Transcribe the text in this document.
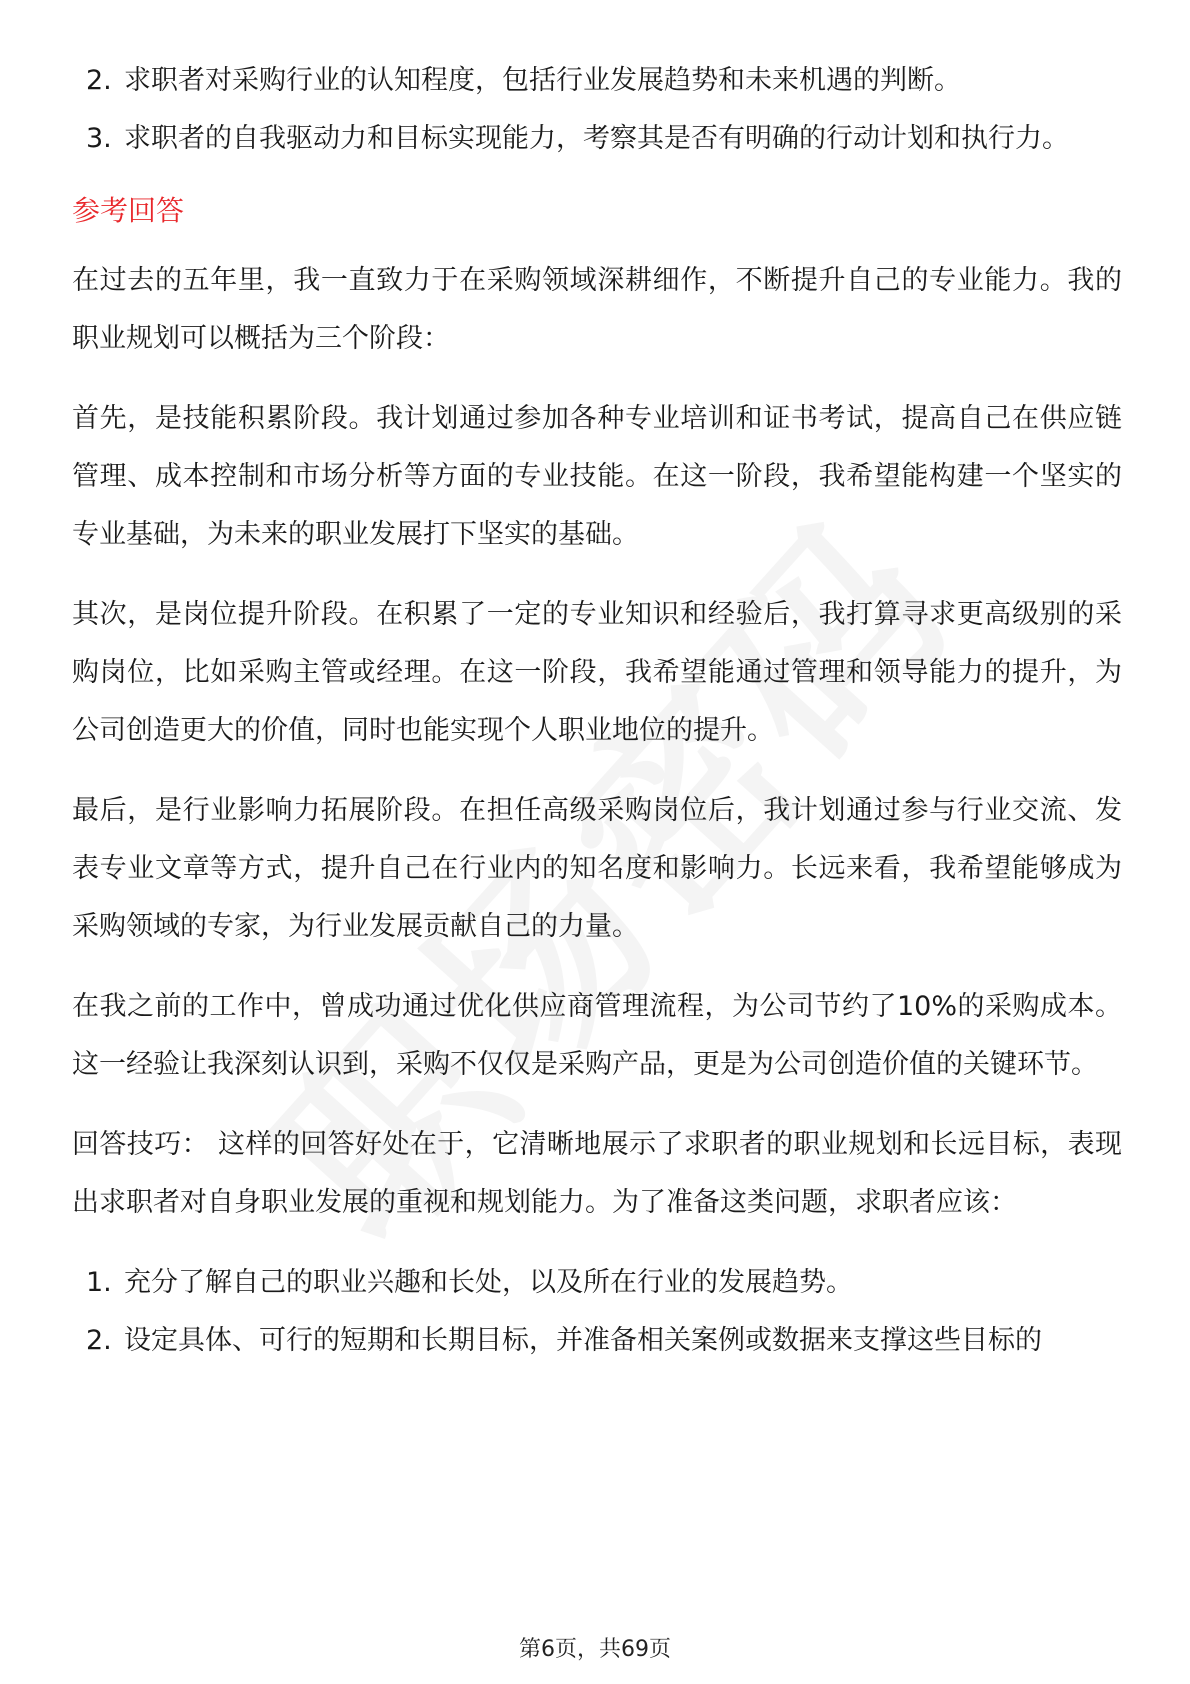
2. 求职者对采购行业的认知程度，包括行业发展趋势和未来机遇的判断。
3. 求职者的自我驱动力和目标实现能力，考察其是否有明确的行动计划和执行力。
参考回答

在过去的五年里，我一直致力于在采购领域深耕细作，不断提升自己的专业能力。我的职业规划可以概括为三个阶段：

首先，是技能积累阶段。我计划通过参加各种专业培训和证书考试，提高自己在供应链管理、成本控制和市场分析等方面的专业技能。在这一阶段，我希望能构建一个坚实的专业基础，为未来的职业发展打下坚实的基础。

其次，是岗位提升阶段。在积累了一定的专业知识和经验后，我打算寻求更高级别的采购岗位，比如采购主管或经理。在这一阶段，我希望能通过管理和领导能力的提升，为公司创造更大的价值，同时也能实现个人职业地位的提升。

最后，是行业影响力拓展阶段。在担任高级采购岗位后，我计划通过参与行业交流、发表专业文章等方式，提升自己在行业内的知名度和影响力。长远来看，我希望能够成为采购领域的专家，为行业发展贡献自己的力量。

在我之前的工作中，曾成功通过优化供应商管理流程，为公司节约了10%的采购成本。这一经验让我深刻认识到，采购不仅仅是采购产品，更是为公司创造价值的关键环节。

回答技巧： 这样的回答好处在于，它清晰地展示了求职者的职业规划和长远目标，表现出求职者对自身职业发展的重视和规划能力。为了准备这类问题，求职者应该：

1. 充分了解自己的职业兴趣和长处，以及所在行业的发展趋势。
2. 设定具体、可行的短期和长期目标，并准备相关案例或数据来支撑这些目标的
第6页，共69页
